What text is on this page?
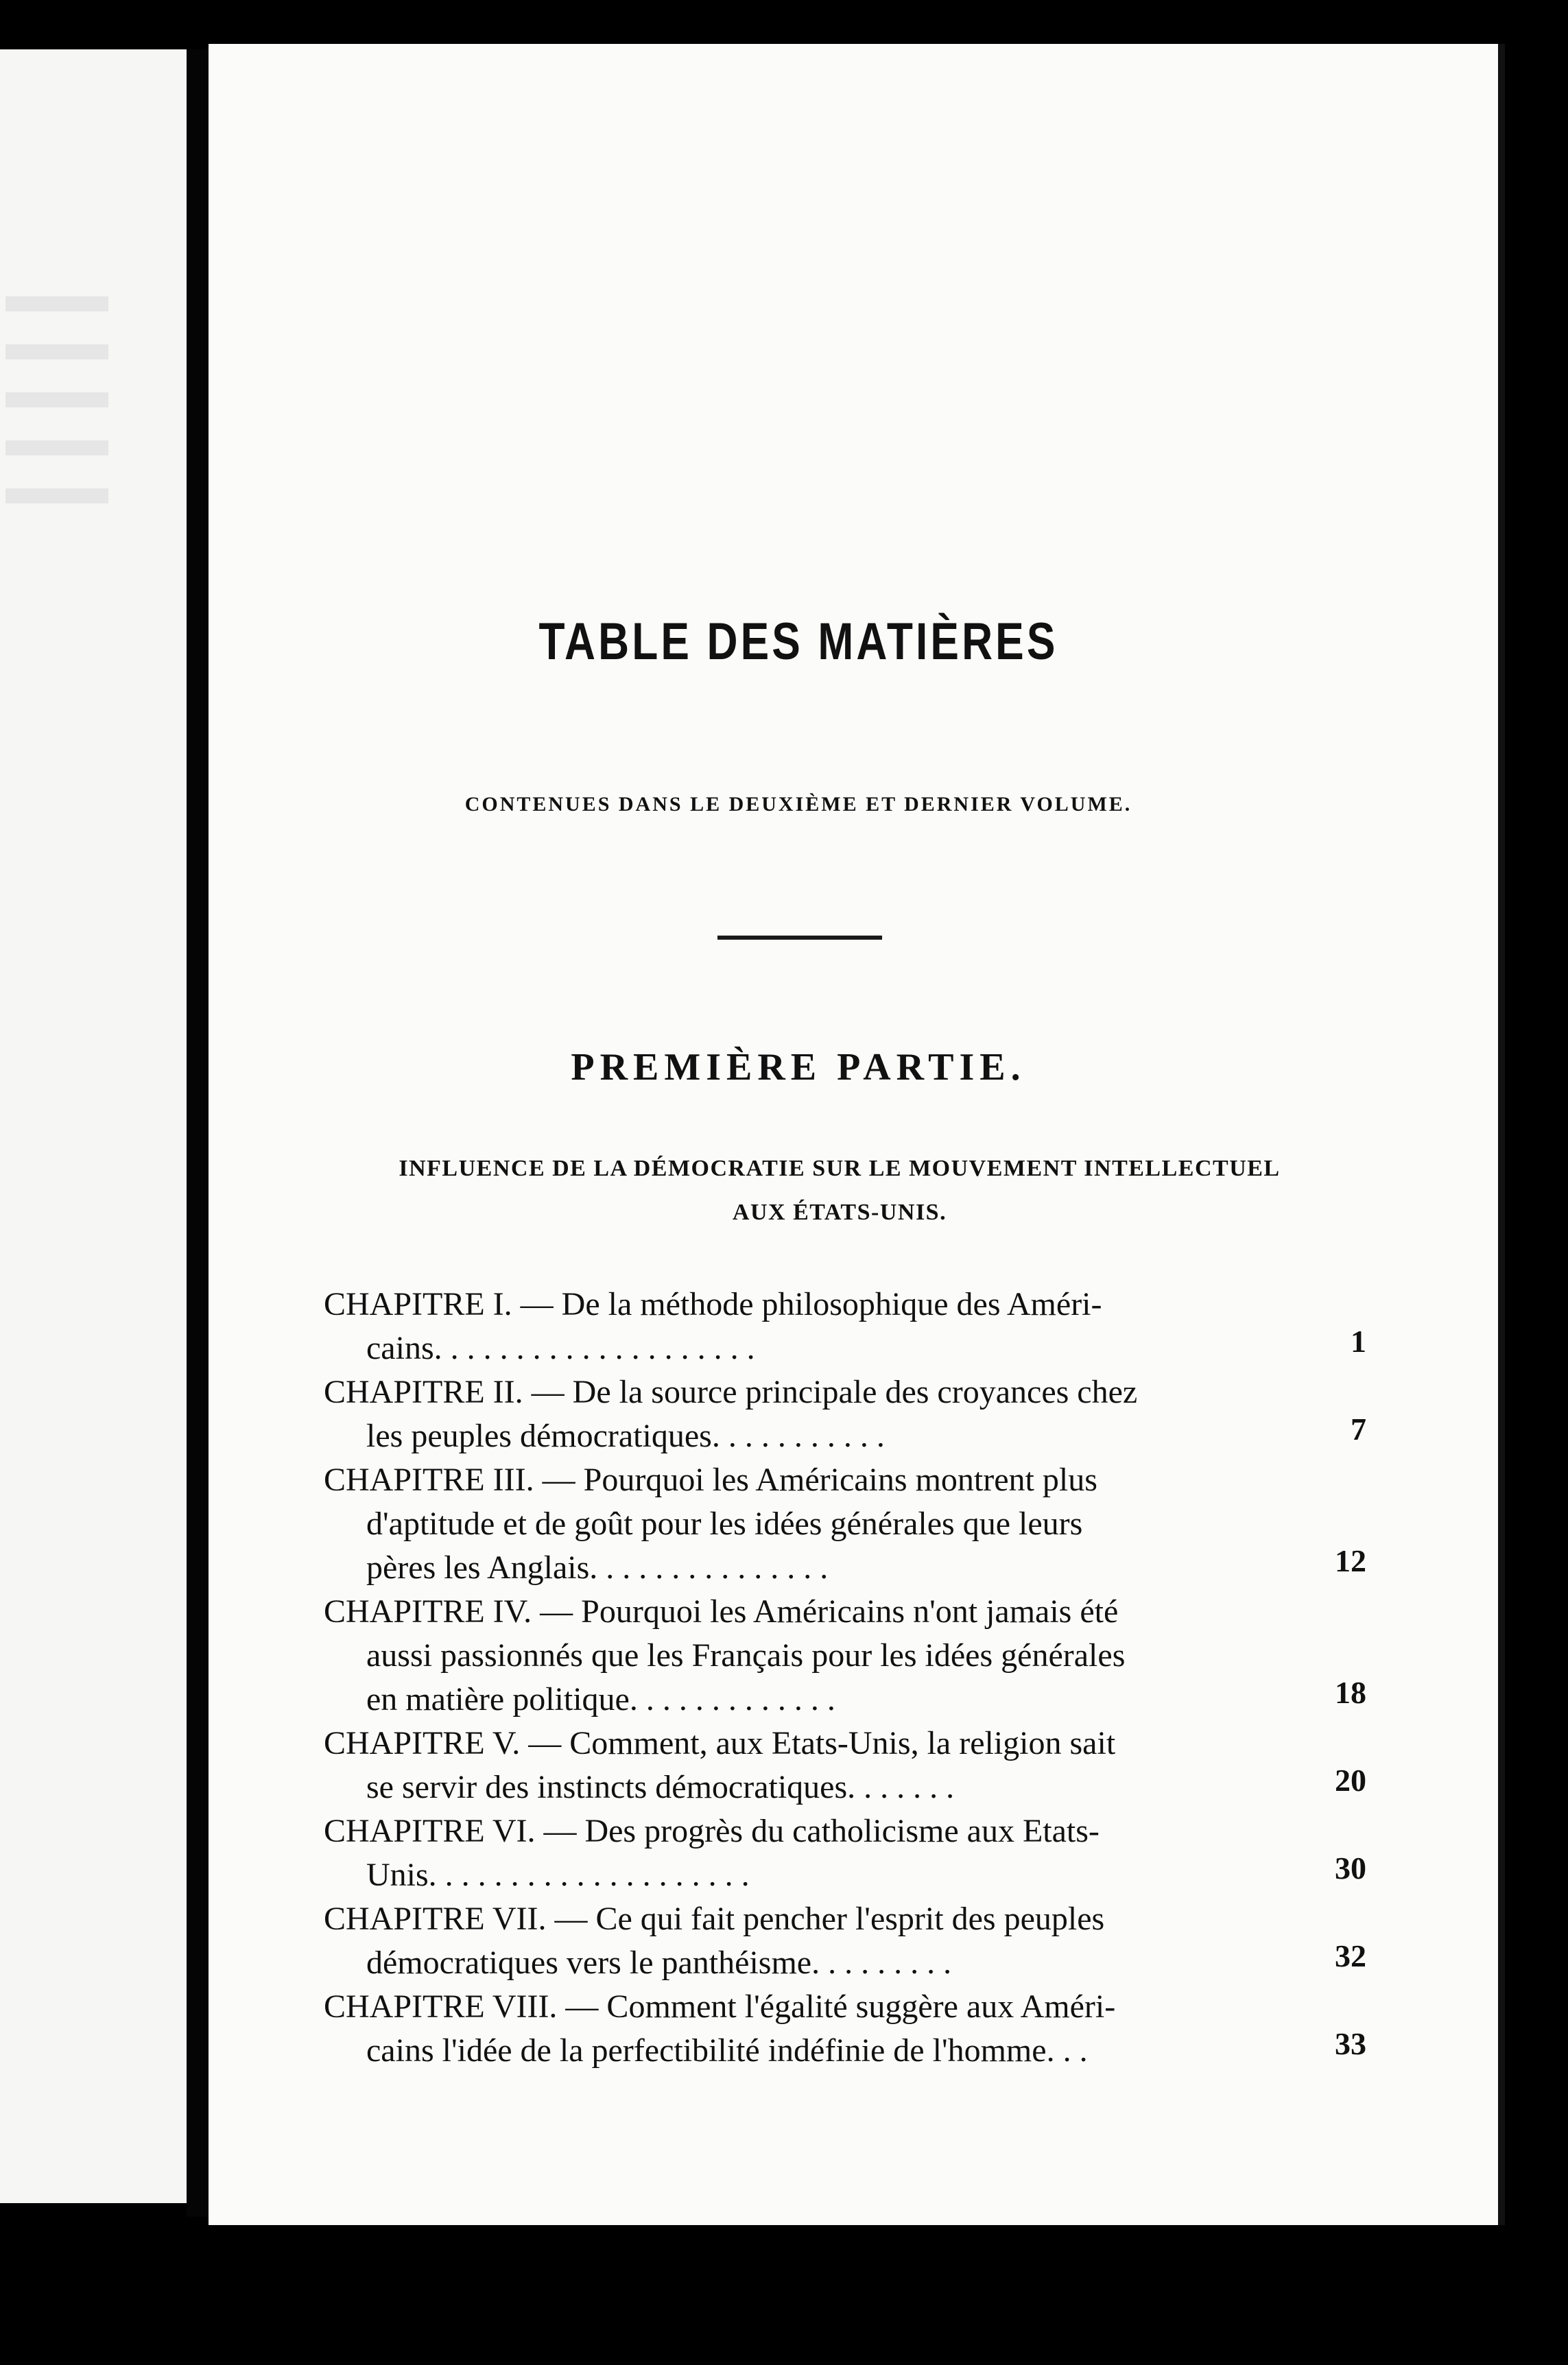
TABLE DES MATIÈRES
CONTENUES DANS LE DEUXIÈME ET DERNIER VOLUME.
PREMIÈRE PARTIE.
INFLUENCE DE LA DÉMOCRATIE SUR LE MOUVEMENT INTELLECTUEL
AUX ÉTATS-UNIS.
CHAPITRE I. — De la méthode philosophique des Améri-
cains. . . . . . . . . . . . . . . . . . . .	1
CHAPITRE II. — De la source principale des croyances chez
les peuples démocratiques. . . . . . . . . . .	7
CHAPITRE III. — Pourquoi les Américains montrent plus
d'aptitude et de goût pour les idées générales que leurs
pères les Anglais. . . . . . . . . . . . . . .	12
CHAPITRE IV. — Pourquoi les Américains n'ont jamais été
aussi passionnés que les Français pour les idées générales
en matière politique. . . . . . . . . . . . .	18
CHAPITRE V. — Comment, aux Etats-Unis, la religion sait
se servir des instincts démocratiques. . . . . . .	20
CHAPITRE VI. — Des progrès du catholicisme aux Etats-
Unis. . . . . . . . . . . . . . . . . . . .	30
CHAPITRE VII. — Ce qui fait pencher l'esprit des peuples
démocratiques vers le panthéisme. . . . . . . . .	32
CHAPITRE VIII. — Comment l'égalité suggère aux Améri-
cains l'idée de la perfectibilité indéfinie de l'homme. . .	33
